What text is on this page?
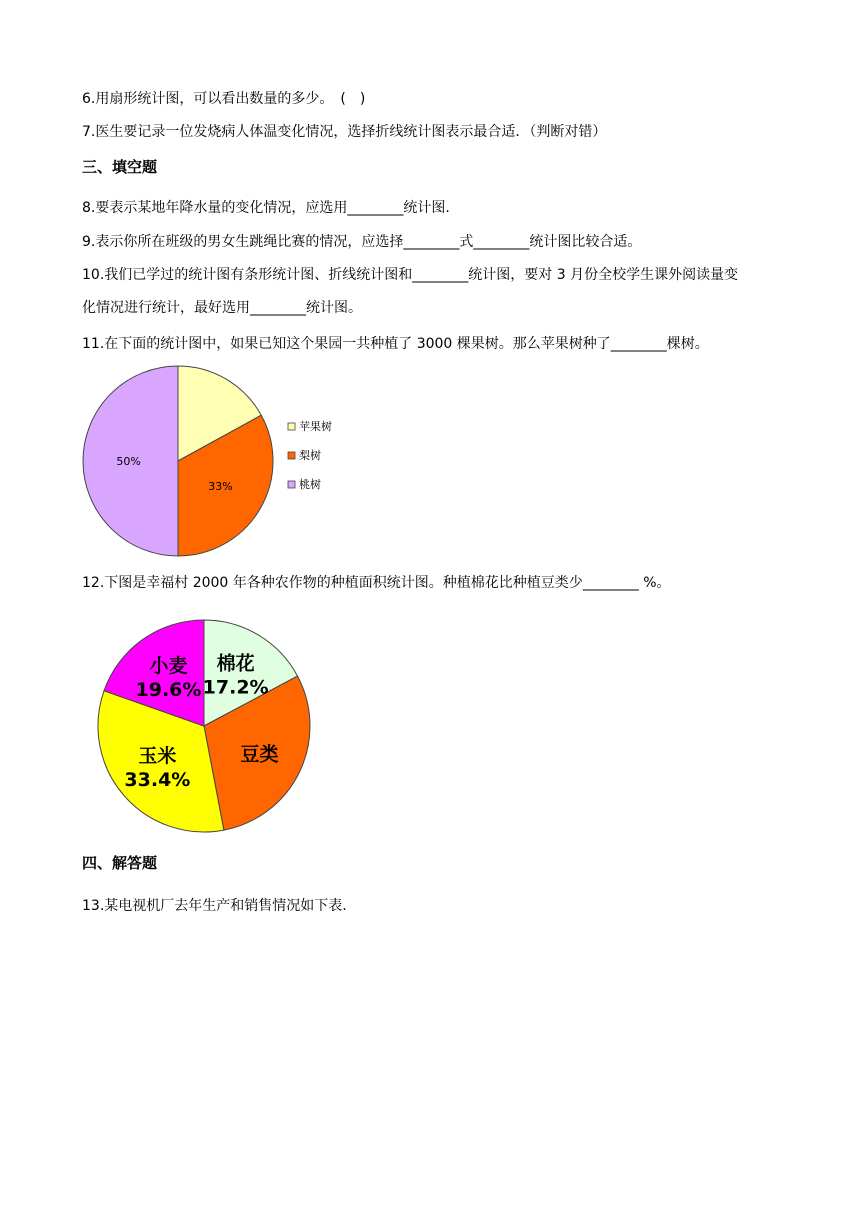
6.用扇形统计图，可以看出数量的多少。　(　)
7.医生要记录一位发烧病人体温变化情况，选择折线统计图表示最合适．（判断对错）
三、填空题
8.要表示某地年降水量的变化情况，应选用________统计图.
9.表示你所在班级的男女生跳绳比赛的情况，应选择________式________统计图比较合适。
10.我们已学过的统计图有条形统计图、折线统计图和________统计图，要对 3 月份全校学生课外阅读量变
化情况进行统计，最好选用________统计图。
11.在下面的统计图中，如果已知这个果园一共种植了 3000 棵果树。那么苹果树种了________棵树。
33%
50%
苹果树
梨树
桃树
12.下图是幸福村 2000 年各种农作物的种植面积统计图。种植棉花比种植豆类少________ %。
棉花
17.2%
豆类
玉米
33.4%
小麦
19.6%
四、解答题
13.某电视机厂去年生产和销售情况如下表.
